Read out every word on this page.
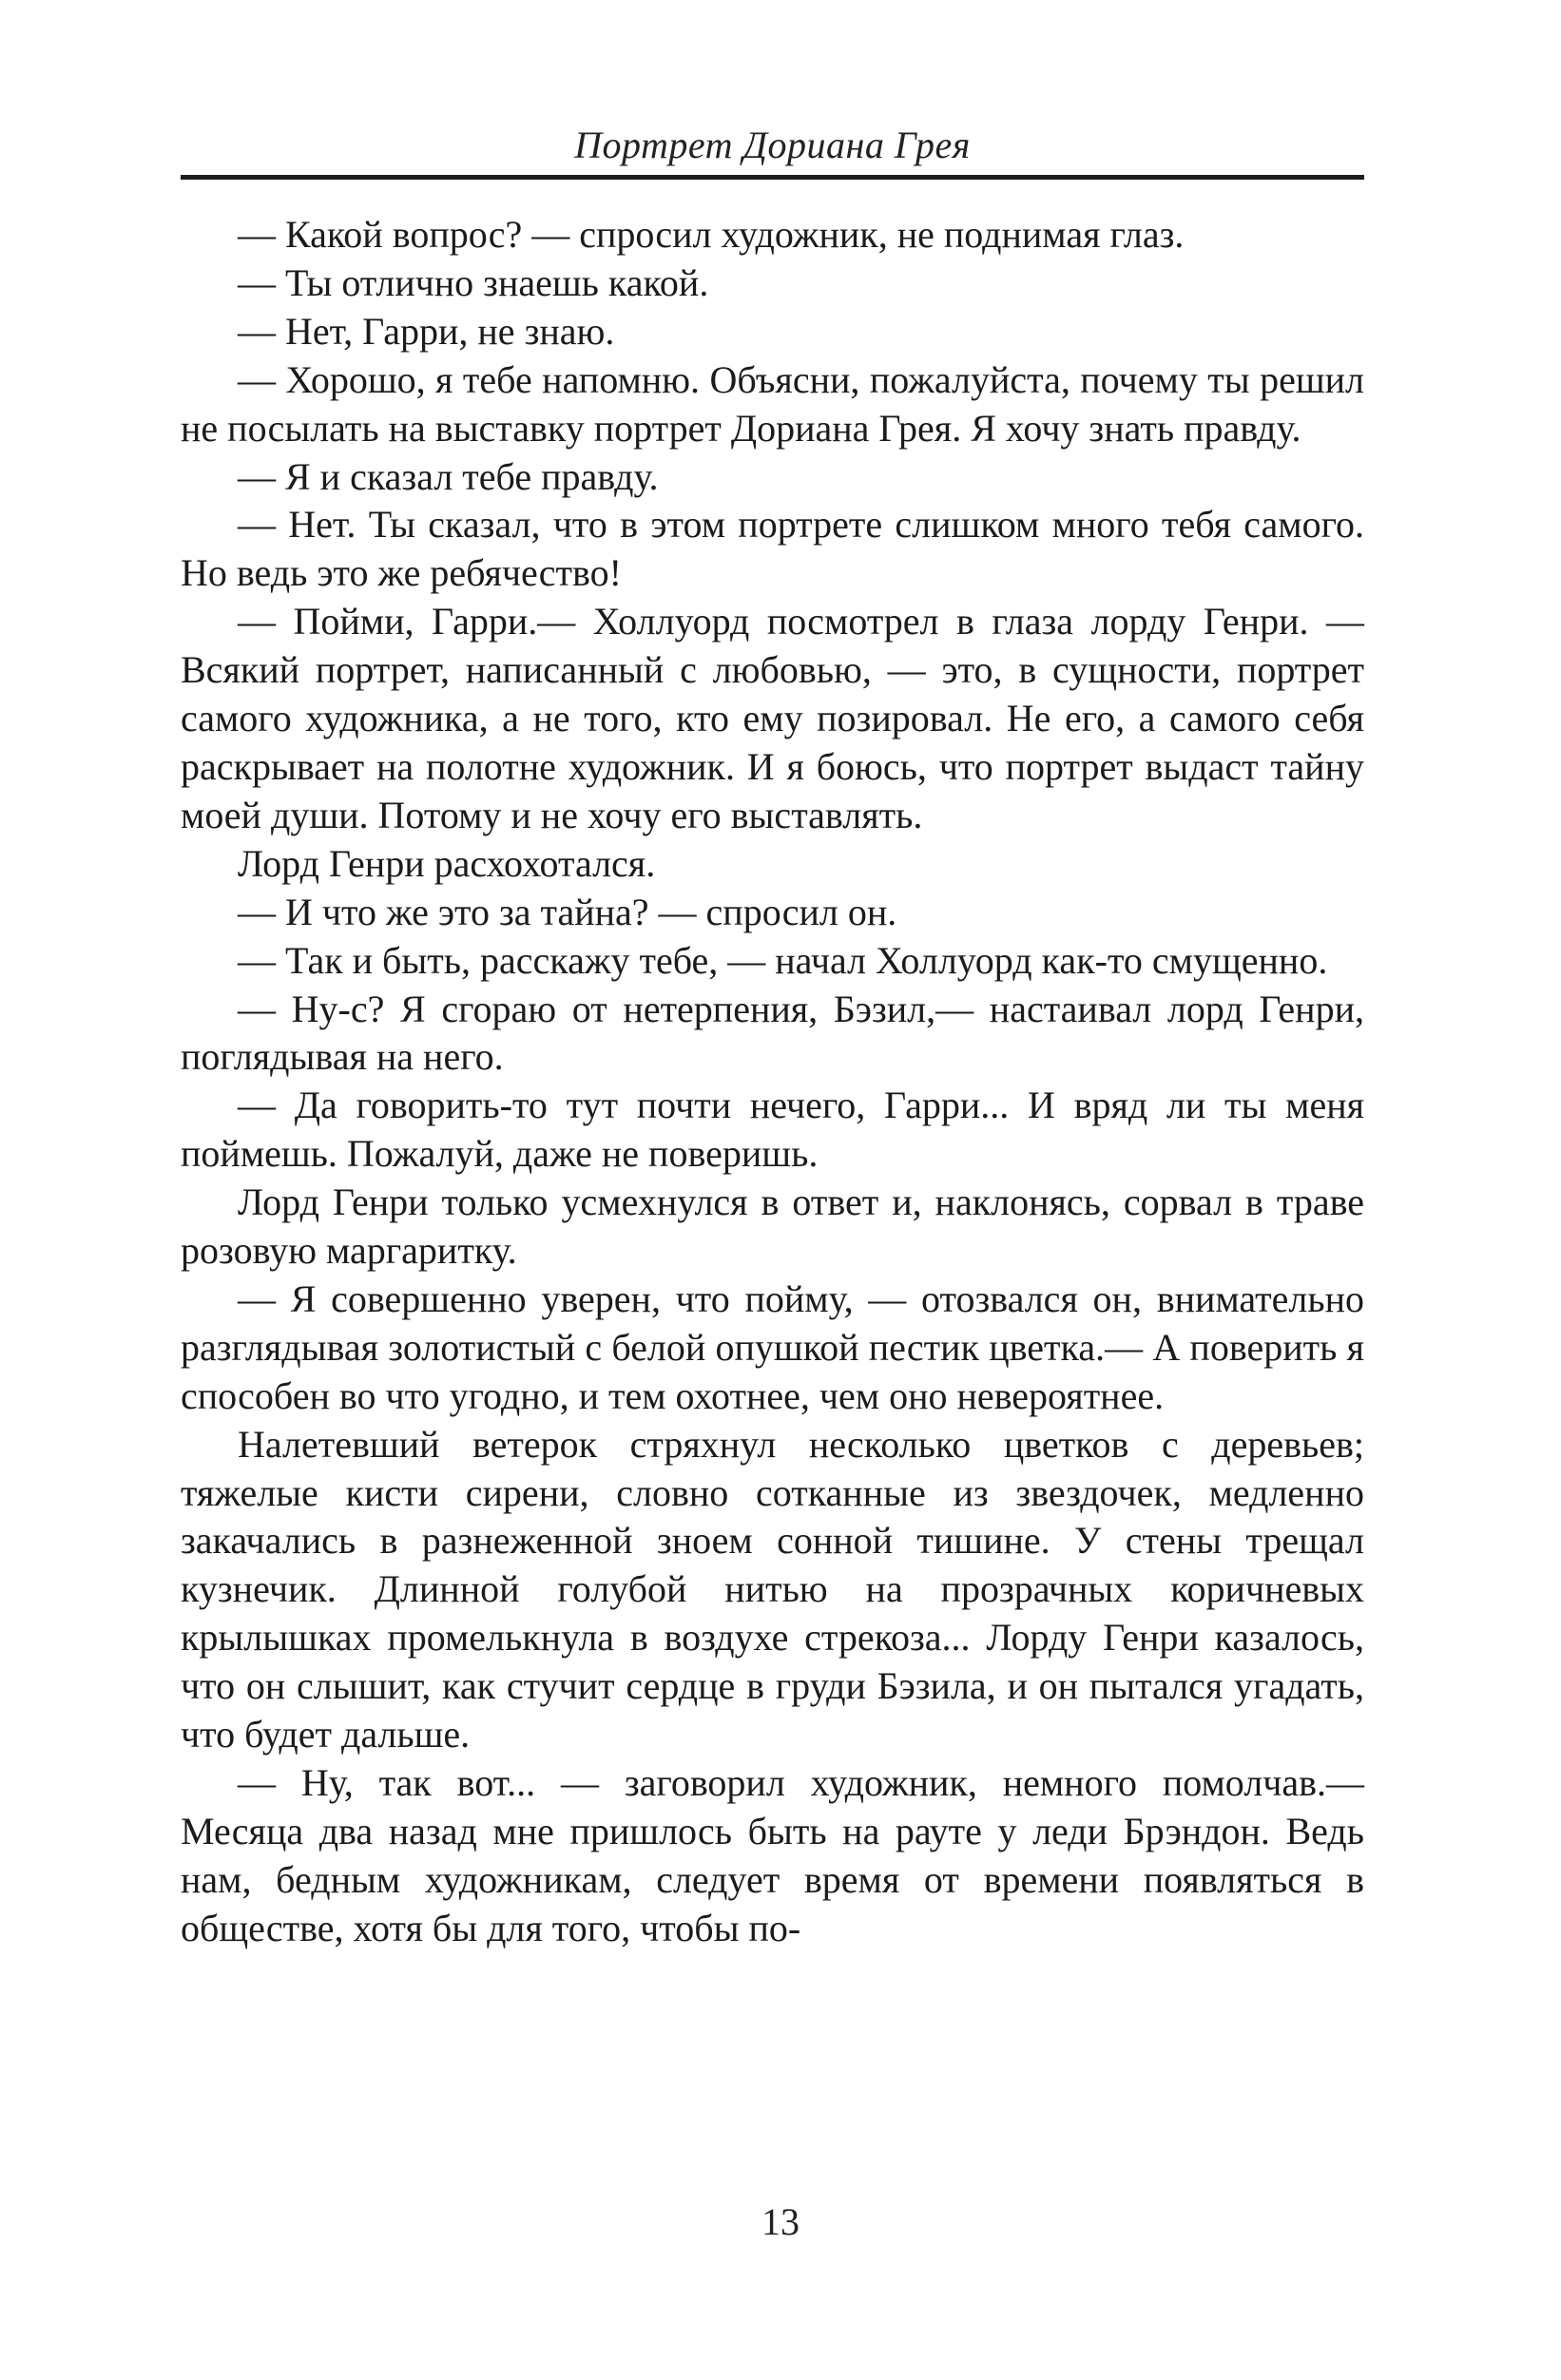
Портрет Дориана Грея

— Какой вопрос? — спросил художник, не поднимая глаз.

— Ты отлично знаешь какой.

— Нет, Гарри, не знаю.

— Хорошо, я тебе напомню. Объясни, пожалуйста, почему ты решил не посылать на выставку портрет Дориана Грея. Я хочу знать правду.

— Я и сказал тебе правду.

— Нет. Ты сказал, что в этом портрете слишком много тебя самого. Но ведь это же ребячество!

— Пойми, Гарри.— Холлуорд посмотрел в глаза лорду Генри. — Всякий портрет, написанный с любовью, — это, в сущности, портрет самого художника, а не того, кто ему позировал. Не его, а самого себя раскрывает на полотне художник. И я боюсь, что портрет выдаст тайну моей души. Потому и не хочу его выставлять.

Лорд Генри расхохотался.

— И что же это за тайна? — спросил он.

— Так и быть, расскажу тебе, — начал Холлуорд как-то смущенно.

— Ну-с? Я сгораю от нетерпения, Бэзил,— настаивал лорд Генри, поглядывая на него.

— Да говорить-то тут почти нечего, Гарри... И вряд ли ты меня поймешь. Пожалуй, даже не поверишь.

Лорд Генри только усмехнулся в ответ и, наклонясь, сорвал в траве розовую маргаритку.

— Я совершенно уверен, что пойму, — отозвался он, внимательно разглядывая золотистый с белой опушкой пестик цветка.— А поверить я способен во что угодно, и тем охотнее, чем оно невероятнее.

Налетевший ветерок стряхнул несколько цветков с деревьев; тяжелые кисти сирени, словно сотканные из звездочек, медленно закачались в разнеженной зноем сонной тишине. У стены трещал кузнечик. Длинной голубой нитью на прозрачных коричневых крылышках промелькнула в воздухе стрекоза... Лорду Генри казалось, что он слышит, как стучит сердце в груди Бэзила, и он пытался угадать, что будет дальше.

— Ну, так вот... — заговорил художник, немного помолчав.— Месяца два назад мне пришлось быть на рауте у леди Брэндон. Ведь нам, бедным художникам, следует время от времени появляться в обществе, хотя бы для того, чтобы по-

13
